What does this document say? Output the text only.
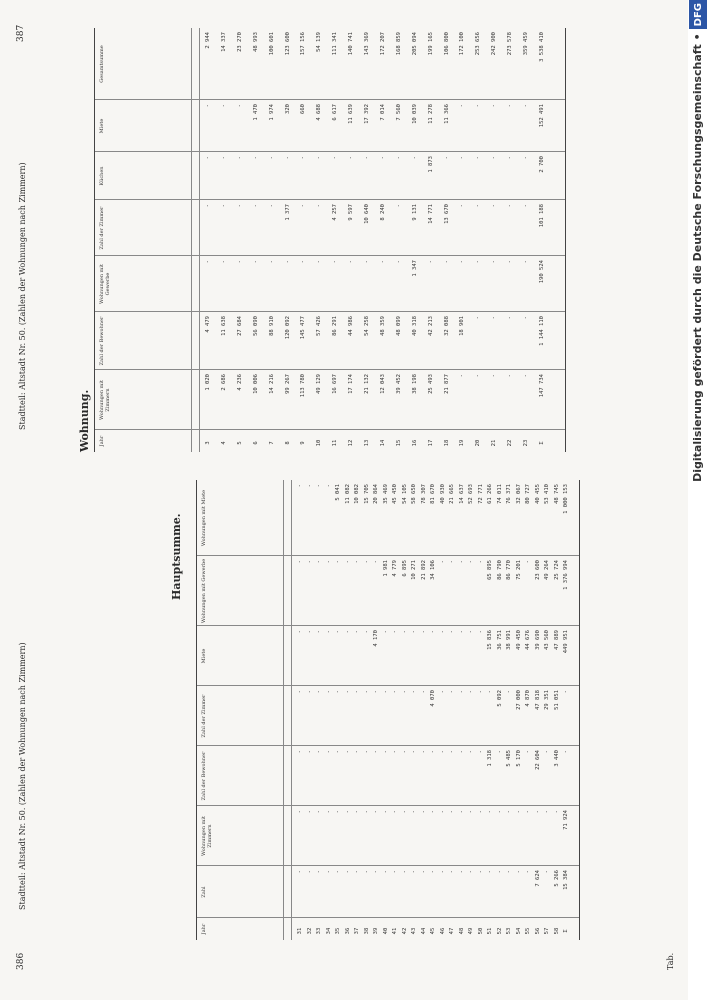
386
387
Stadtteil: Altstadt Nr. 50. (Zahlen der Wohnungen nach Zimmern)
Stadtteil: Altstadt Nr. 50. (Zahlen der Wohnungen nach Zimmern)
Hauptsumme.
Wohnung.
Jahr
Zahl
Wohnungen mit Zimmern
Zahl der Bewohner
Zahl der Zimmer
Miete
Wohnungen mit Gewerbe
Wohnungen mit Miete
31
-
-
-
-
-
-
-
32
-
-
-
-
-
-
-
33
-
-
-
-
-
-
-
34
-
-
-
-
-
-
-
35
-
-
-
-
-
-
5 041
36
-
-
-
-
-
-
11 082
37
-
-
-
-
-
-
10 082
38
-
-
-
-
-
-
15 705
39
-
-
-
-
4 170
-
20 864
40
-
-
-
-
-
1 981
35 469
41
-
-
-
-
-
4 779
45 450
42
-
-
-
-
-
6 895
54 105
43
-
-
-
-
-
10 271
58 650
44
-
-
-
-
-
21 892
78 307
45
-
-
-
4 070
-
34 106
81 670
46
-
-
-
-
-
-
40 930
47
-
-
-
-
-
-
21 665
48
-
-
-
-
-
-
14 637
49
-
-
-
-
-
-
52 693
50
-
-
-
-
-
-
72 771
51
-
-
1 318
-
15 836
65 895
61 266
52
-
-
-
5 092
36 751
86 790
74 011
53
-
-
5 485
-
38 991
86 770
76 371
54
-
-
5 170
27 000
49 450
75 201
32 067
55
-
-
-
4 870
44 676
-
80 727
56
7 624
-
22 604
47 818
39 690
23 600
40 455
57
-
-
-
29 351
43 560
49 264
53 410
58
5 266
-
3 440
51 051
47 889
25 724
48 745
Σ
15 384
71 924
-
-
449 951
1 376 994
1 000 153
Jahr
Wohnungen mit Zimmern
Zahl der Bewohner
Wohnungen mit Gewerbe
Zahl der Zimmer
Küchen
Miete
Gesamtsumme
3
1 020
4 479
-
-
-
-
2 944
4
2 686
11 638
-
-
-
-
14 337
5
4 236
27 684
-
-
-
-
23 270
6
10 006
56 090
-
-
-
1 470
48 993
7
14 216
88 910
-
-
-
1 974
100 601
8
99 267
120 092
-
1 377
-
320
123 600
9
113 780
145 477
-
-
-
660
157 156
10
49 129
57 426
-
-
-
4 688
54 139
11
16 697
86 291
-
4 257
-
6 617
111 341
12
17 174
44 986
-
9 597
-
11 639
140 741
13
21 132
54 258
-
10 640
-
17 392
143 369
14
12 043
48 359
-
8 240
-
7 014
172 207
15
39 452
48 099
-
-
-
7 560
168 859
16
38 198
40 318
1 347
9 131
-
10 039
205 094
17
25 493
42 213
-
14 771
1 873
11 278
199 165
18
21 877
32 088
-
13 670
-
11 366
106 800
19
-
18 901
-
-
-
-
172 100
20
-
-
-
-
-
-
253 656
21
-
-
-
-
-
-
242 900
22
-
-
-
-
-
-
273 578
23
-
-
-
-
-
-
359 459
Σ
147 734
1 144 110
190 524
101 188
2 700
152 491
3 538 410
Tab.
Digitalisierung gefördert durch die Deutsche Forschungsgemeinschaft •DFG
